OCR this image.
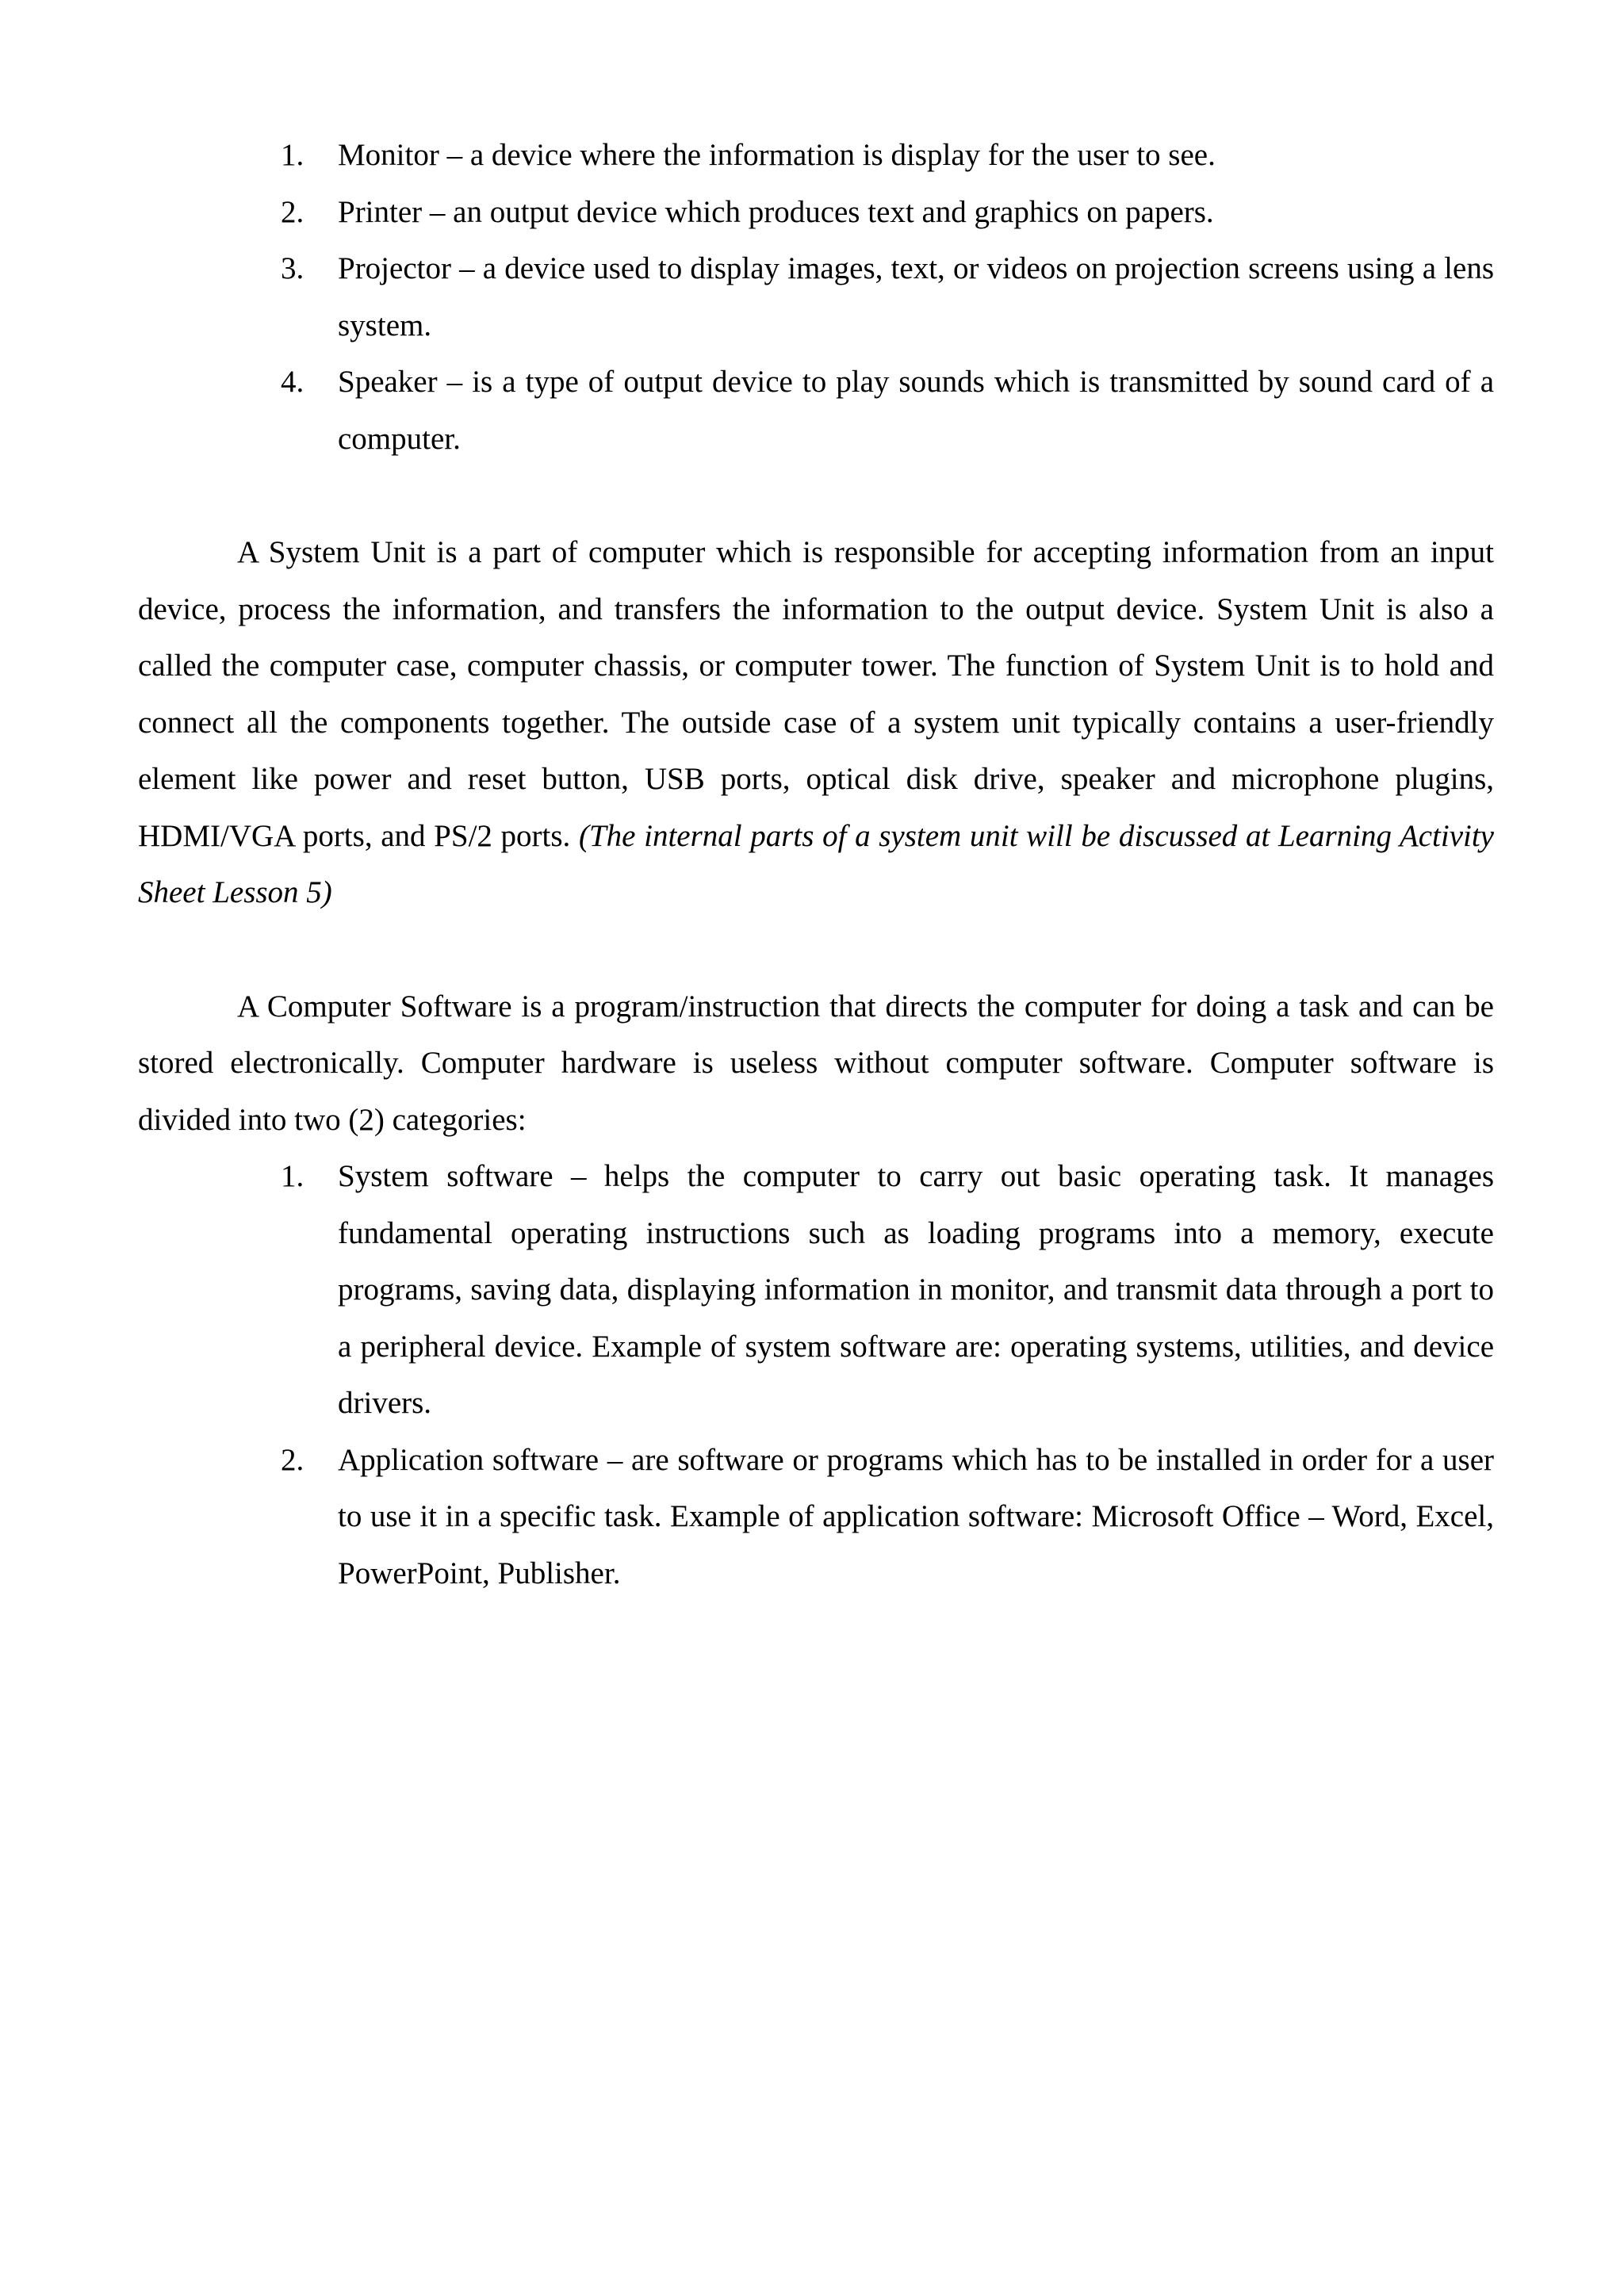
1. Monitor – a device where the information is display for the user to see.
2. Printer – an output device which produces text and graphics on papers.
3. Projector – a device used to display images, text, or videos on projection screens using a lens system.
4. Speaker – is a type of output device to play sounds which is transmitted by sound card of a computer.

A System Unit is a part of computer which is responsible for accepting information from an input device, process the information, and transfers the information to the output device. System Unit is also a called the computer case, computer chassis, or computer tower. The function of System Unit is to hold and connect all the components together. The outside case of a system unit typically contains a user-friendly element like power and reset button, USB ports, optical disk drive, speaker and microphone plugins, HDMI/VGA ports, and PS/2 ports. (The internal parts of a system unit will be discussed at Learning Activity Sheet Lesson 5)

A Computer Software is a program/instruction that directs the computer for doing a task and can be stored electronically. Computer hardware is useless without computer software. Computer software is divided into two (2) categories:

1. System software – helps the computer to carry out basic operating task. It manages fundamental operating instructions such as loading programs into a memory, execute programs, saving data, displaying information in monitor, and transmit data through a port to a peripheral device. Example of system software are: operating systems, utilities, and device drivers.
2. Application software – are software or programs which has to be installed in order for a user to use it in a specific task. Example of application software: Microsoft Office – Word, Excel, PowerPoint, Publisher.
